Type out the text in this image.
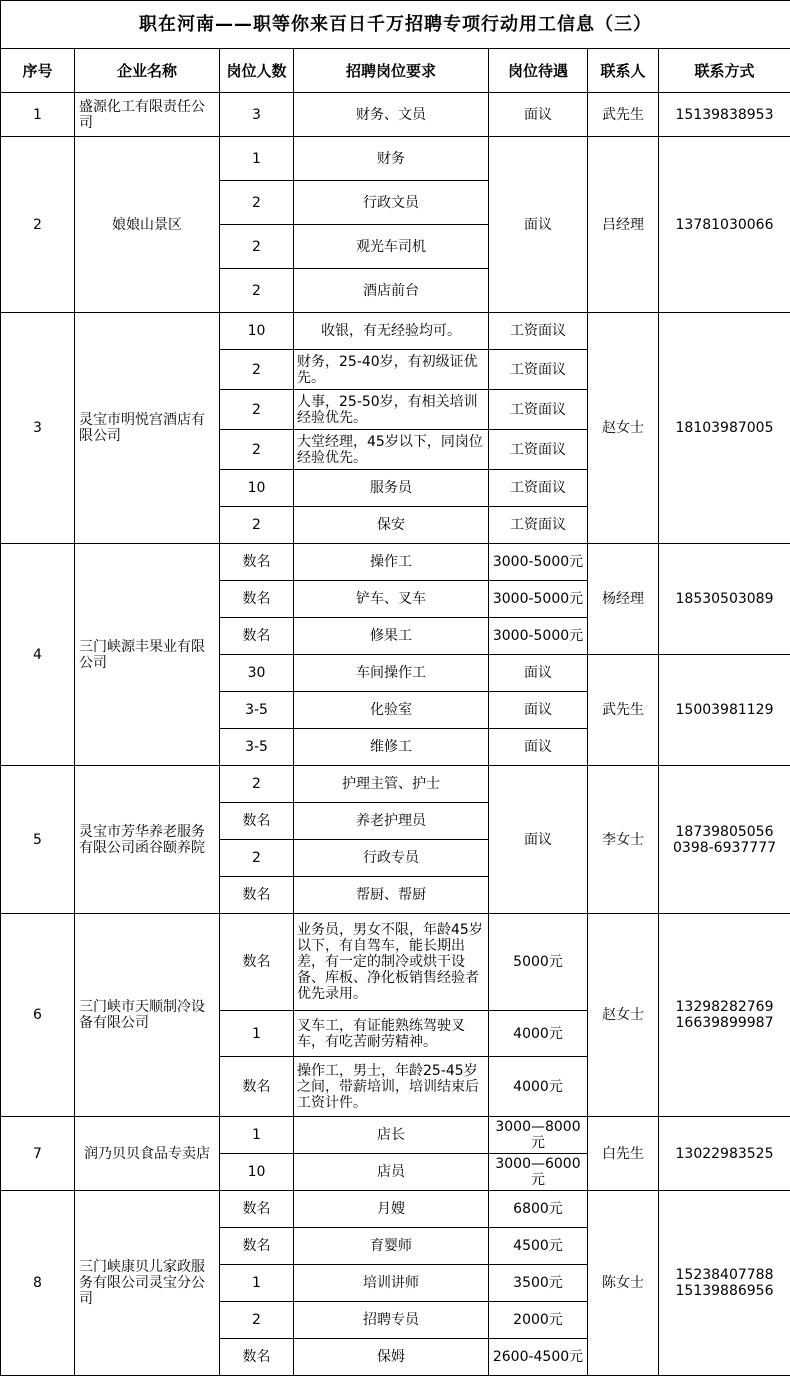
职在河南——职等你来百日千万招聘专项行动用工信息（三）						
序号	企业名称	岗位人数	招聘岗位要求	岗位待遇	联系人	联系方式
1	盛源化工有限责任公司	3	财务、文员	面议	武先生	15139838953
2	娘娘山景区	1	财务	面议	吕经理	13781030066
		2	行政文员			
		2	观光车司机			
		2	酒店前台			
3	灵宝市明悦宫酒店有限公司	10	收银，有无经验均可。	工资面议	赵女士	18103987005
		2	财务，25-40岁，有初级证优先。	工资面议		
		2	人事，25-50岁，有相关培训经验优先。	工资面议		
		2	大堂经理，45岁以下，同岗位经验优先。	工资面议		
		10	服务员	工资面议		
		2	保安	工资面议		
4	三门峡源丰果业有限公司	数名	操作工	3000-5000元	杨经理	18530503089
		数名	铲车、叉车	3000-5000元		
		数名	修果工	3000-5000元		
		30	车间操作工	面议	武先生	15003981129
		3-5	化验室	面议		
		3-5	维修工	面议		
5	灵宝市芳华养老服务有限公司函谷颐养院	2	护理主管、护士	面议	李女士	18739805056
0398-6937777
		数名	养老护理员			
		2	行政专员			
		数名	帮厨、帮厨			
6	三门峡市天顺制冷设备有限公司	数名	业务员，男女不限，年龄45岁以下，有自驾车，能长期出差，有一定的制冷或烘干设备、库板、净化板销售经验者优先录用。	5000元	赵女士	13298282769
16639899987
		1	叉车工，有证能熟练驾驶叉车，有吃苦耐劳精神。	4000元		
		数名	操作工，男士，年龄25-45岁之间，带薪培训，培训结束后工资计件。	4000元		
7	润乃贝贝食品专卖店	1	店长	3000—8000元	白先生	13022983525
		10	店员	3000—6000元		
8	三门峡康贝儿家政服务有限公司灵宝分公司	数名	月嫂	6800元	陈女士	15238407788
15139886956
		数名	育婴师	4500元		
		1	培训讲师	3500元		
		2	招聘专员	2000元		
		数名	保姆	2600-4500元		
